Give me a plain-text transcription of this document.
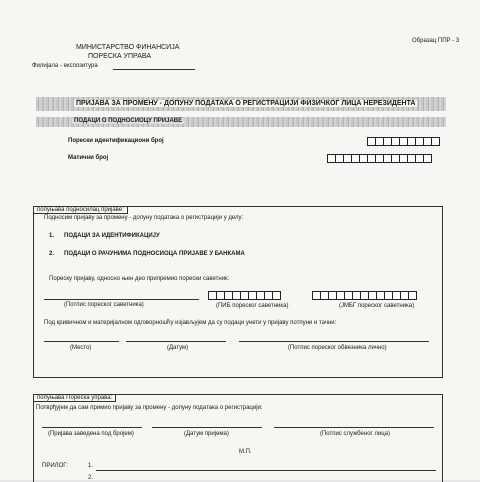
МИНИСТАРСТВО ФИНАНСИЈА
ПОРЕСКА УПРАВА
Филијала - експозитура
Образац ППР - 3
ПРИЈАВА ЗА ПРОМЕНУ - ДОПУНУ ПОДАТАКА О РЕГИСТРАЦИЈИ ФИЗИЧКОГ ЛИЦА НЕРЕЗИДЕНТА
ПОДАЦИ О ПОДНОСИОЦУ ПРИЈАВЕ
Порески идентификациони број
Матични број
попуњава подносилац пријаве:
Подносим пријаву за промену - допуну података о регистрацији у делу:
1. ПОДАЦИ ЗА ИДЕНТИФИКАЦИЈУ
2. ПОДАЦИ О РАЧУНИМА ПОДНОСИОЦА ПРИЈАВЕ У БАНКАМА
Пореску пријаву, односно њен део припремио порески саветник:
(Потпис пореског саветника)	(ПИБ пореског саветника)	(ЈМБГ пореског саветника)
Под кривичном и материјалном одговорношћу изјављујем да су подаци унети у пријаву потпуни и тачни:
(Место)	(Датум)	(Потпис пореског обвезника лично)
попуњава Пореска управа:
Потврђујем да сам примио пријаву за промену - допуну података о регистрацији:
(Пријава заведена под бројем)	(Датум пријема)	(Потпис службеног лица)
М.П.
ПРИЛОГ:	1.
2.
